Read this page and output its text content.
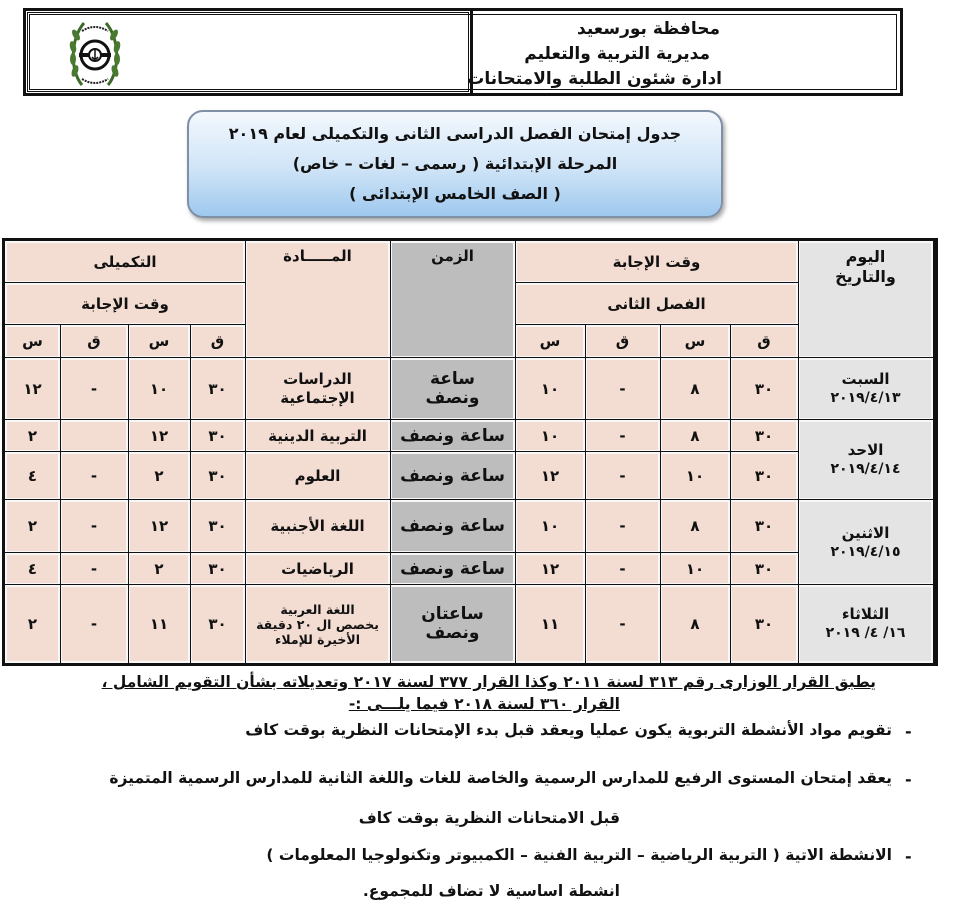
محافظة بورسعيد
مديرية التربية والتعليم
ادارة شئون الطلبة والامتحانات
جدول إمتحان الفصل الدراسى الثانى والتكميلى لعام ٢٠١٩
المرحلة الإبتدائية ( رسمى – لغات – خاص)
( الصف الخامس الإبتدائى )
اليوم والتاريخ
وقت الإجابة
الفصل الثانى
ق
س
ق
س
الزمن
المـــــادة
التكميلى
وقت الإجابة
ق
س
ق
س
السبت
٢٠١٩/٤/١٣
الاحد
٢٠١٩/٤/١٤
الاثنين
٢٠١٩/٤/١٥
الثلاثاء
١٦/ ٤/ ٢٠١٩
٣٠
٨
-
١٠
ساعة ونصف
الدراسات الإجتماعية
٣٠
١٠
-
١٢
٣٠
٨
-
١٠
ساعة ونصف
التربية الدينية
٣٠
١٢
٢
٣٠
١٠
-
١٢
ساعة ونصف
العلوم
٣٠
٢
-
٤
٣٠
٨
-
١٠
ساعة ونصف
اللغة الأجنبية
٣٠
١٢
-
٢
٣٠
١٠
-
١٢
ساعة ونصف
الرياضيات
٣٠
٢
-
٤
٣٠
٨
-
١١
ساعتان ونصف
اللغة العربية
يخصص ال ٢٠ دقيقة الأخيرة للإملاء
٣٠
١١
-
٢
يطبق القرار الوزارى رقم ٣١٣ لسنة ٢٠١١ وكذا القرار ٣٧٧ لسنة ٢٠١٧ وتعديلاته بشأن التقويم الشامل ،
القرار ٣٦٠ لسنة ٢٠١٨ فيما يلـــى :-
-
تقويم مواد الأنشطة التربوية يكون عمليا ويعقد قبل بدء الإمتحانات النظرية بوقت كاف
-
يعقد إمتحان المستوى الرفيع للمدارس الرسمية والخاصة للغات واللغة الثانية للمدارس الرسمية المتميزة
قبل الامتحانات النظرية بوقت كاف
-
الانشطة الاتية ( التربية الرياضية – التربية الفنية – الكمبيوتر وتكنولوجيا المعلومات )
انشطة اساسية لا تضاف للمجموع.
